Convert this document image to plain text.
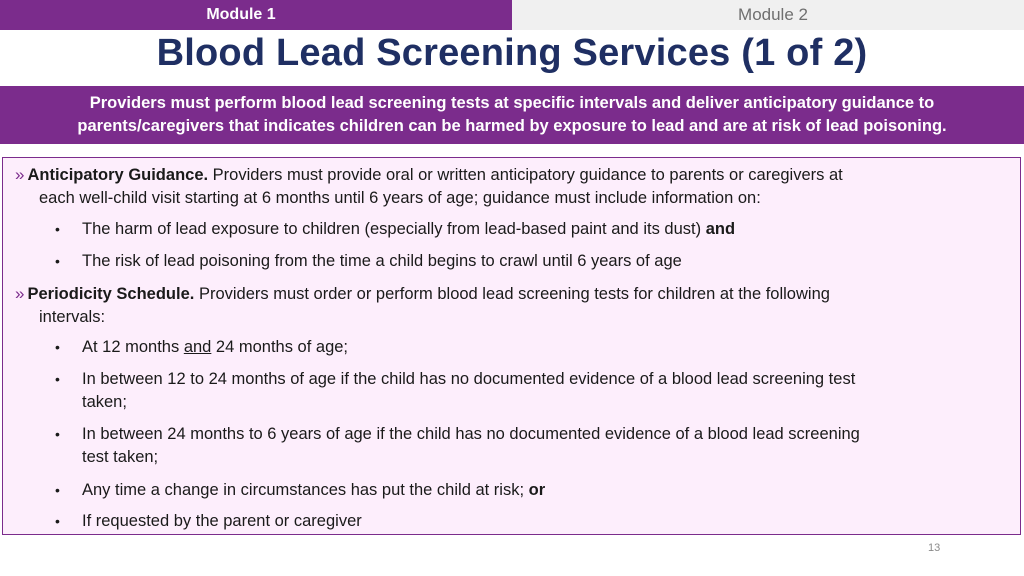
Module 1	Module 2
Blood Lead Screening Services (1 of 2)
Providers must perform blood lead screening tests at specific intervals and deliver anticipatory guidance to
parents/caregivers that indicates children can be harmed by exposure to lead and are at risk of lead poisoning.
» Anticipatory Guidance. Providers must provide oral or written anticipatory guidance to parents or caregivers at
each well-child visit starting at 6 months until 6 years of age; guidance must include information on:
• The harm of lead exposure to children (especially from lead-based paint and its dust) and
• The risk of lead poisoning from the time a child begins to crawl until 6 years of age
» Periodicity Schedule. Providers must order or perform blood lead screening tests for children at the following
intervals:
• At 12 months and 24 months of age;
• In between 12 to 24 months of age if the child has no documented evidence of a blood lead screening test
taken;
• In between 24 months to 6 years of age if the child has no documented evidence of a blood lead screening
test taken;
• Any time a change in circumstances has put the child at risk; or
• If requested by the parent or caregiver
13
